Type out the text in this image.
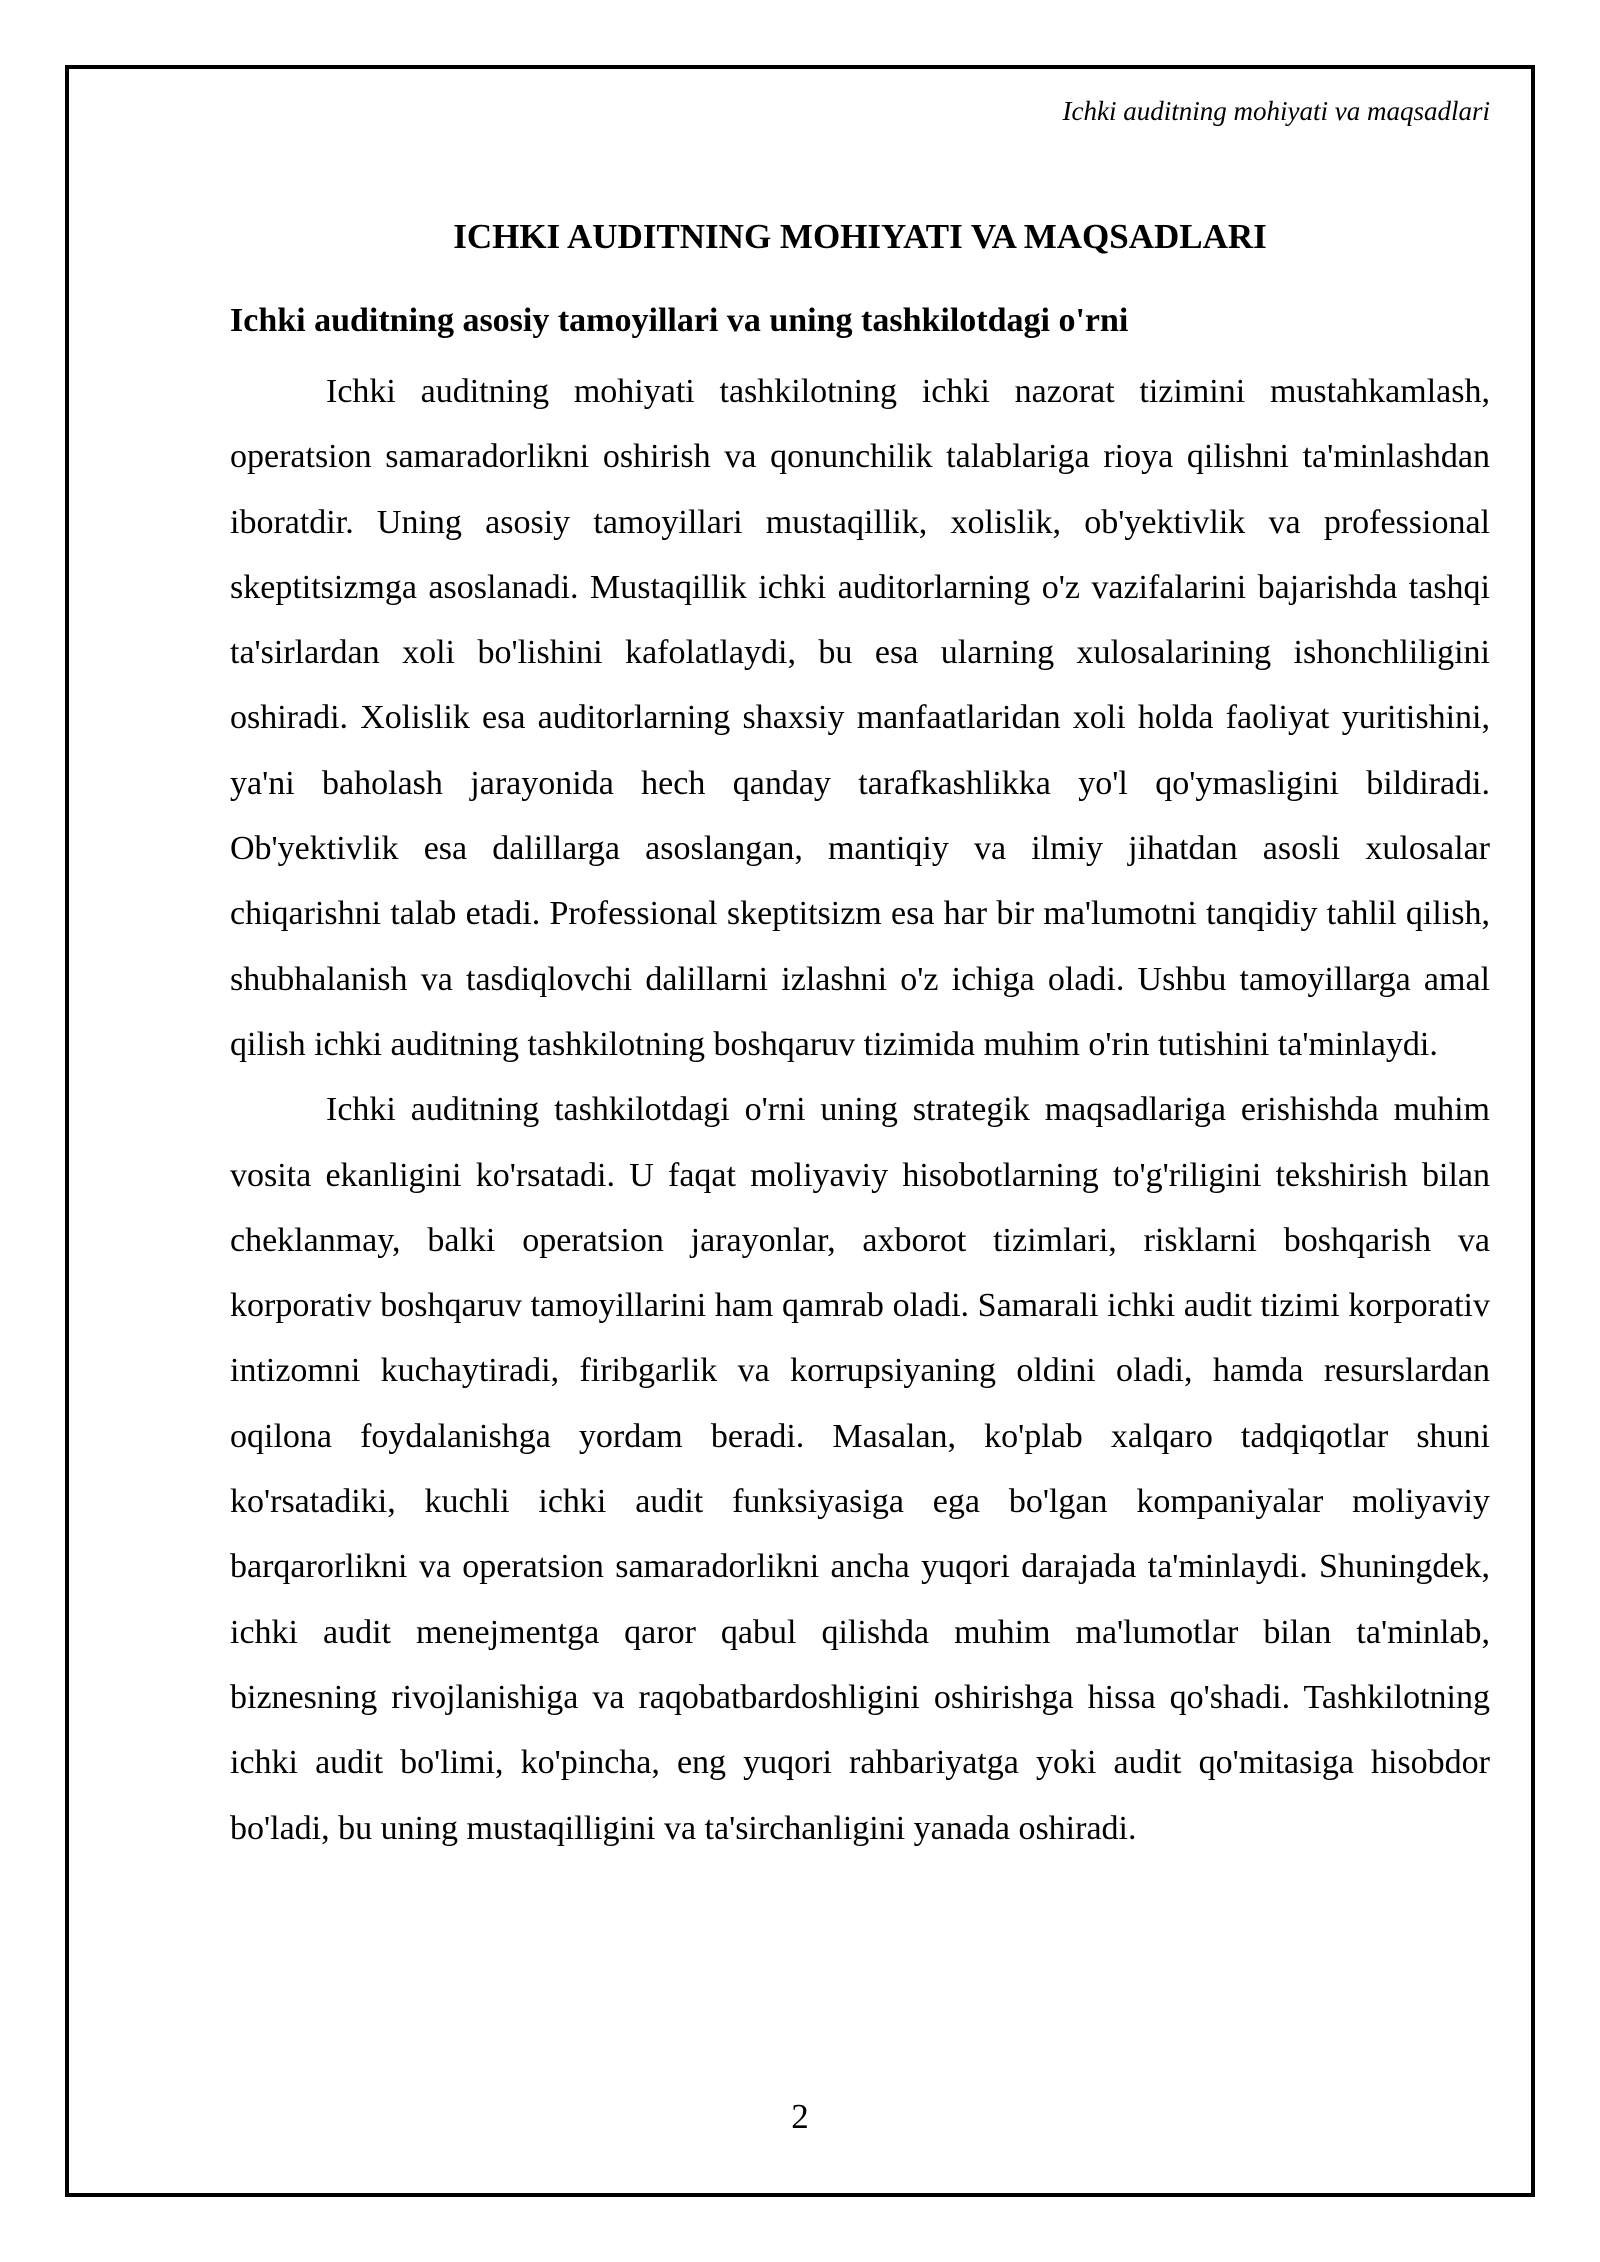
Ichki auditning mohiyati va maqsadlari
ICHKI AUDITNING MOHIYATI VA MAQSADLARI
Ichki auditning asosiy tamoyillari va uning tashkilotdagi o'rni

Ichki auditning mohiyati tashkilotning ichki nazorat tizimini mustahkamlash, operatsion samaradorlikni oshirish va qonunchilik talablariga rioya qilishni ta'minlashdan iboratdir. Uning asosiy tamoyillari mustaqillik, xolislik, ob'yektivlik va professional skeptitsizmga asoslanadi. Mustaqillik ichki auditorlarning o'z vazifalarini bajarishda tashqi ta'sirlardan xoli bo'lishini kafolatlaydi, bu esa ularning xulosalarining ishonchliligini oshiradi. Xolislik esa auditorlarning shaxsiy manfaatlaridan xoli holda faoliyat yuritishini, ya'ni baholash jarayonida hech qanday tarafkashlikka yo'l qo'ymasligini bildiradi. Ob'yektivlik esa dalillarga asoslangan, mantiqiy va ilmiy jihatdan asosli xulosalar chiqarishni talab etadi. Professional skeptitsizm esa har bir ma'lumotni tanqidiy tahlil qilish, shubhalanish va tasdiqlovchi dalillarni izlashni o'z ichiga oladi. Ushbu tamoyillarga amal qilish ichki auditning tashkilotning boshqaruv tizimida muhim o'rin tutishini ta'minlaydi.

Ichki auditning tashkilotdagi o'rni uning strategik maqsadlariga erishishda muhim vosita ekanligini ko'rsatadi. U faqat moliyaviy hisobotlarning to'g'riligini tekshirish bilan cheklanmay, balki operatsion jarayonlar, axborot tizimlari, risklarni boshqarish va korporativ boshqaruv tamoyillarini ham qamrab oladi. Samarali ichki audit tizimi korporativ intizomni kuchaytiradi, firibgarlik va korrupsiyaning oldini oladi, hamda resurslardan oqilona foydalanishga yordam beradi. Masalan, ko'plab xalqaro tadqiqotlar shuni ko'rsatadiki, kuchli ichki audit funksiyasiga ega bo'lgan kompaniyalar moliyaviy barqarorlikni va operatsion samaradorlikni ancha yuqori darajada ta'minlaydi. Shuningdek, ichki audit menejmentga qaror qabul qilishda muhim ma'lumotlar bilan ta'minlab, biznesning rivojlanishiga va raqobatbardoshligini oshirishga hissa qo'shadi. Tashkilotning ichki audit bo'limi, ko'pincha, eng yuqori rahbariyatga yoki audit qo'mitasiga hisobdor bo'ladi, bu uning mustaqilligini va ta'sirchanligini yanada oshiradi.

2
